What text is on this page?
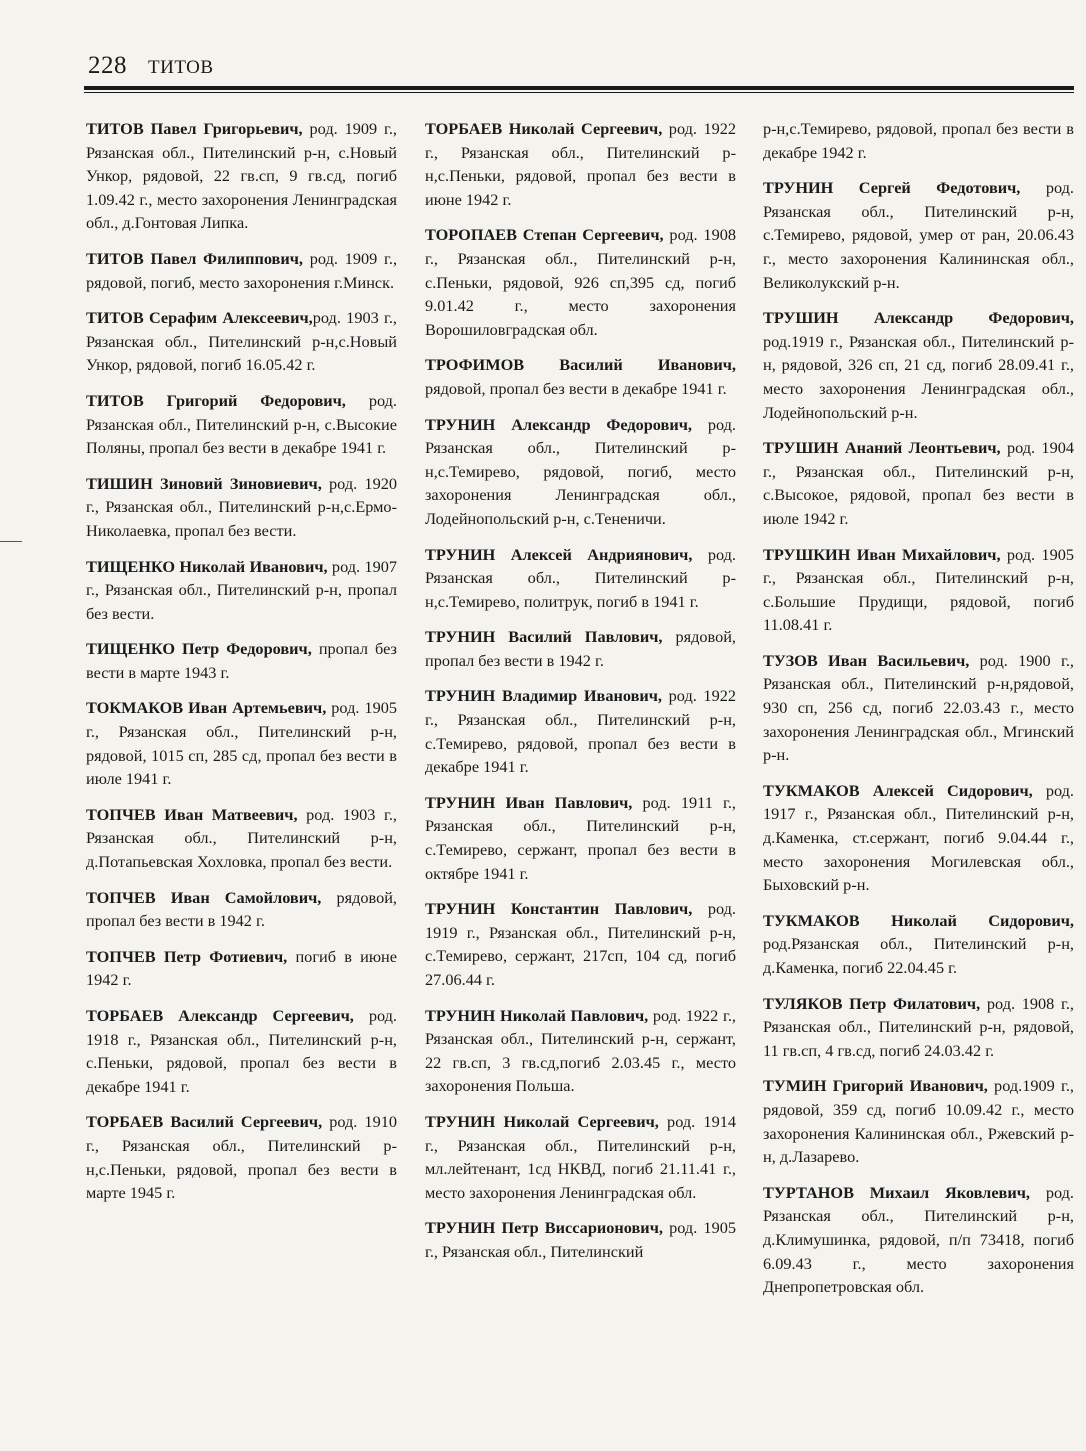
228 ТИТОВ

ТИТОВ Павел Григорьевич, род. 1909 г., Рязанская обл., Пителинский р-н, с.Новый Ункор, рядовой, 22 гв.сп, 9 гв.сд, погиб 1.09.42 г., место захоронения Ленинградская обл., д.Гонтовая Липка.

ТИТОВ Павел Филиппович, род. 1909 г., рядовой, погиб, место захоронения г.Минск.

ТИТОВ Серафим Алексеевич,род. 1903 г., Рязанская обл., Пителинский р-н,с.Новый Ункор, рядовой, погиб 16.05.42 г.

ТИТОВ Григорий Федорович, род. Рязанская обл., Пителинский р-н, с.Высокие Поляны, пропал без вести в декабре 1941 г.

ТИШИН Зиновий Зиновиевич, род. 1920 г., Рязанская обл., Пителинский р-н,с.Ермо-Николаевка, пропал без вести.

ТИЩЕНКО Николай Иванович, род. 1907 г., Рязанская обл., Пителинский р-н, пропал без вести.

ТИЩЕНКО Петр Федорович, пропал без вести в марте 1943 г.

ТОКМАКОВ Иван Артемьевич, род. 1905 г., Рязанская обл., Пителинский р-н, рядовой, 1015 сп, 285 сд, пропал без вести в июле 1941 г.

ТОПЧЕВ Иван Матвеевич, род. 1903 г., Рязанская обл., Пителинский р-н, д.Потапьевская Хохловка, пропал без вести.

ТОПЧЕВ Иван Самойлович, рядовой, пропал без вести в 1942 г.

ТОПЧЕВ Петр Фотиевич, погиб в июне 1942 г.

ТОРБАЕВ Александр Сергеевич, род. 1918 г., Рязанская обл., Пителинский р-н, с.Пеньки, рядовой, пропал без вести в декабре 1941 г.

ТОРБАЕВ Василий Сергеевич, род. 1910 г., Рязанская обл., Пителинский р-н,с.Пеньки, рядовой, пропал без вести в марте 1945 г.

ТОРБАЕВ Николай Сергеевич, род. 1922 г., Рязанская обл., Пителинский р-н,с.Пеньки, рядовой, пропал без вести в июне 1942 г.

ТОРОПАЕВ Степан Сергеевич, род. 1908 г., Рязанская обл., Пителинский р-н, с.Пеньки, рядовой, 926 сп,395 сд, погиб 9.01.42 г., место захоронения Ворошиловградская обл.

ТРОФИМОВ Василий Иванович, рядовой, пропал без вести в декабре 1941 г.

ТРУНИН Александр Федорович, род. Рязанская обл., Пителинский р-н,с.Темирево, рядовой, погиб, место захоронения Ленинградская обл., Лодейнопольский р-н, с.Тененичи.

ТРУНИН Алексей Андриянович, род. Рязанская обл., Пителинский р-н,с.Темирево, политрук, погиб в 1941 г.

ТРУНИН Василий Павлович, рядовой, пропал без вести в 1942 г.

ТРУНИН Владимир Иванович, род. 1922 г., Рязанская обл., Пителинский р-н, с.Темирево, рядовой, пропал без вести в декабре 1941 г.

ТРУНИН Иван Павлович, род. 1911 г., Рязанская обл., Пителинский р-н, с.Темирево, сержант, пропал без вести в октябре 1941 г.

ТРУНИН Константин Павлович, род. 1919 г., Рязанская обл., Пителинский р-н, с.Темирево, сержант, 217сп, 104 сд, погиб 27.06.44 г.

ТРУНИН Николай Павлович, род. 1922 г., Рязанская обл., Пителинский р-н, сержант, 22 гв.сп, 3 гв.сд,погиб 2.03.45 г., место захоронения Польша.

ТРУНИН Николай Сергеевич, род. 1914 г., Рязанская обл., Пителинский р-н, мл.лейтенант, 1сд НКВД, погиб 21.11.41 г., место захоронения Ленинградская обл.

ТРУНИН Петр Виссарионович, род. 1905 г., Рязанская обл., Пителинский

р-н,с.Темирево, рядовой, пропал без вести в декабре 1942 г.

ТРУНИН Сергей Федотович, род. Рязанская обл., Пителинский р-н, с.Темирево, рядовой, умер от ран, 20.06.43 г., место захоронения Калининская обл., Великолукский р-н.

ТРУШИН Александр Федорович, род.1919 г., Рязанская обл., Пителинский р-н, рядовой, 326 сп, 21 сд, погиб 28.09.41 г., место захоронения Ленинградская обл., Лодейнопольский р-н.

ТРУШИН Ананий Леонтьевич, род. 1904 г., Рязанская обл., Пителинский р-н, с.Высокое, рядовой, пропал без вести в июле 1942 г.

ТРУШКИН Иван Михайлович, род. 1905 г., Рязанская обл., Пителинский р-н, с.Большие Прудищи, рядовой, погиб 11.08.41 г.

ТУЗОВ Иван Васильевич, род. 1900 г., Рязанская обл., Пителинский р-н,рядовой, 930 сп, 256 сд, погиб 22.03.43 г., место захоронения Ленинградская обл., Мгинский р-н.

ТУКМАКОВ Алексей Сидорович, род. 1917 г., Рязанская обл., Пителинский р-н, д.Каменка, ст.сержант, погиб 9.04.44 г., место захоронения Могилевская обл., Быховский р-н.

ТУКМАКОВ Николай Сидорович, род.Рязанская обл., Пителинский р-н, д.Каменка, погиб 22.04.45 г.

ТУЛЯКОВ Петр Филатович, род. 1908 г., Рязанская обл., Пителинский р-н, рядовой, 11 гв.сп, 4 гв.сд, погиб 24.03.42 г.

ТУМИН Григорий Иванович, род.1909 г., рядовой, 359 сд, погиб 10.09.42 г., место захоронения Калининская обл., Ржевский р-н, д.Лазарево.

ТУРТАНОВ Михаил Яковлевич, род. Рязанская обл., Пителинский р-н, д.Климушинка, рядовой, п/п 73418, погиб 6.09.43 г., место захоронения Днепропетровская обл.
